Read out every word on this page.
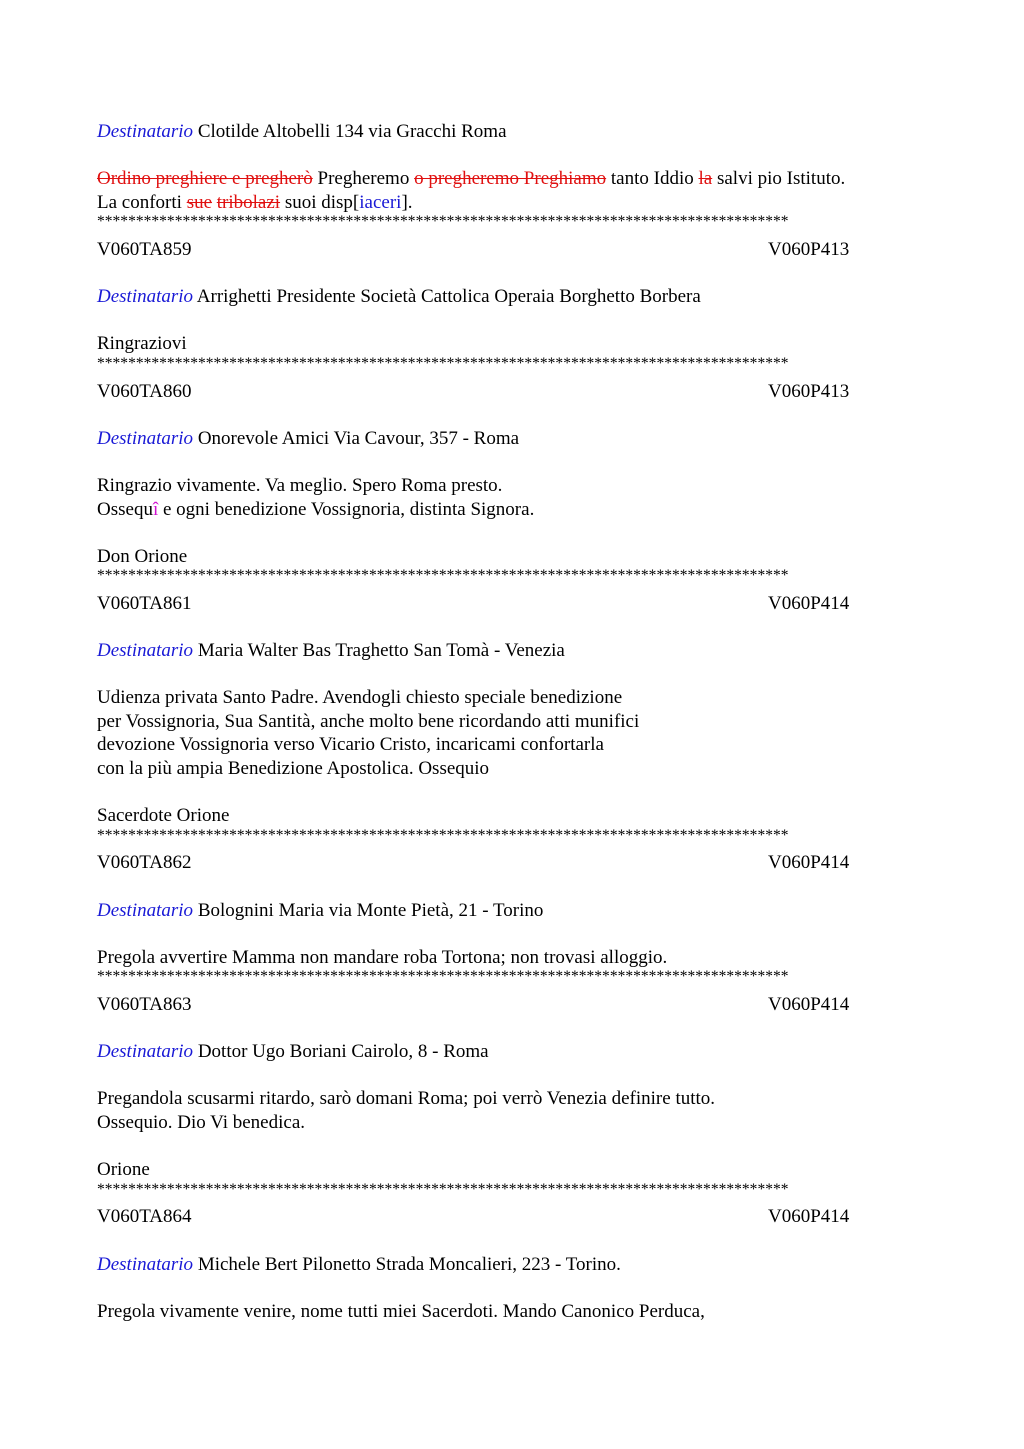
Destinatario Clotilde Altobelli 134 via Gracchi Roma
Ordino preghiere e pregherò Pregheremo o pregheremo Preghiamo tanto Iddio la salvi pio Istituto.
La conforti sue tribolazi suoi disp[iaceri].
*****************************************************************************************
V060TA859	V060P413
Destinatario Arrighetti Presidente Società Cattolica Operaia Borghetto Borbera
Ringraziovi
*****************************************************************************************
V060TA860	V060P413
Destinatario Onorevole Amici Via Cavour, 357 - Roma
Ringrazio vivamente. Va meglio. Spero Roma presto.
Ossequî e ogni benedizione Vossignoria, distinta Signora.
Don Orione
*****************************************************************************************
V060TA861	V060P414
Destinatario Maria Walter Bas Traghetto San Tomà - Venezia
Udienza privata Santo Padre. Avendogli chiesto speciale benedizione
per Vossignoria, Sua Santità, anche molto bene ricordando atti munifici
devozione Vossignoria verso Vicario Cristo, incaricami confortarla
con la più ampia Benedizione Apostolica. Ossequio
Sacerdote Orione
*****************************************************************************************
V060TA862	V060P414
Destinatario Bolognini Maria via Monte Pietà, 21 - Torino
Pregola avvertire Mamma non mandare roba Tortona; non trovasi alloggio.
*****************************************************************************************
V060TA863	V060P414
Destinatario Dottor Ugo Boriani Cairolo, 8 - Roma
Pregandola scusarmi ritardo, sarò domani Roma; poi verrò Venezia definire tutto.
Ossequio. Dio Vi benedica.
Orione
*****************************************************************************************
V060TA864	V060P414
Destinatario Michele Bert Pilonetto Strada Moncalieri, 223 - Torino.
Pregola vivamente venire, nome tutti miei Sacerdoti. Mando Canonico Perduca,
